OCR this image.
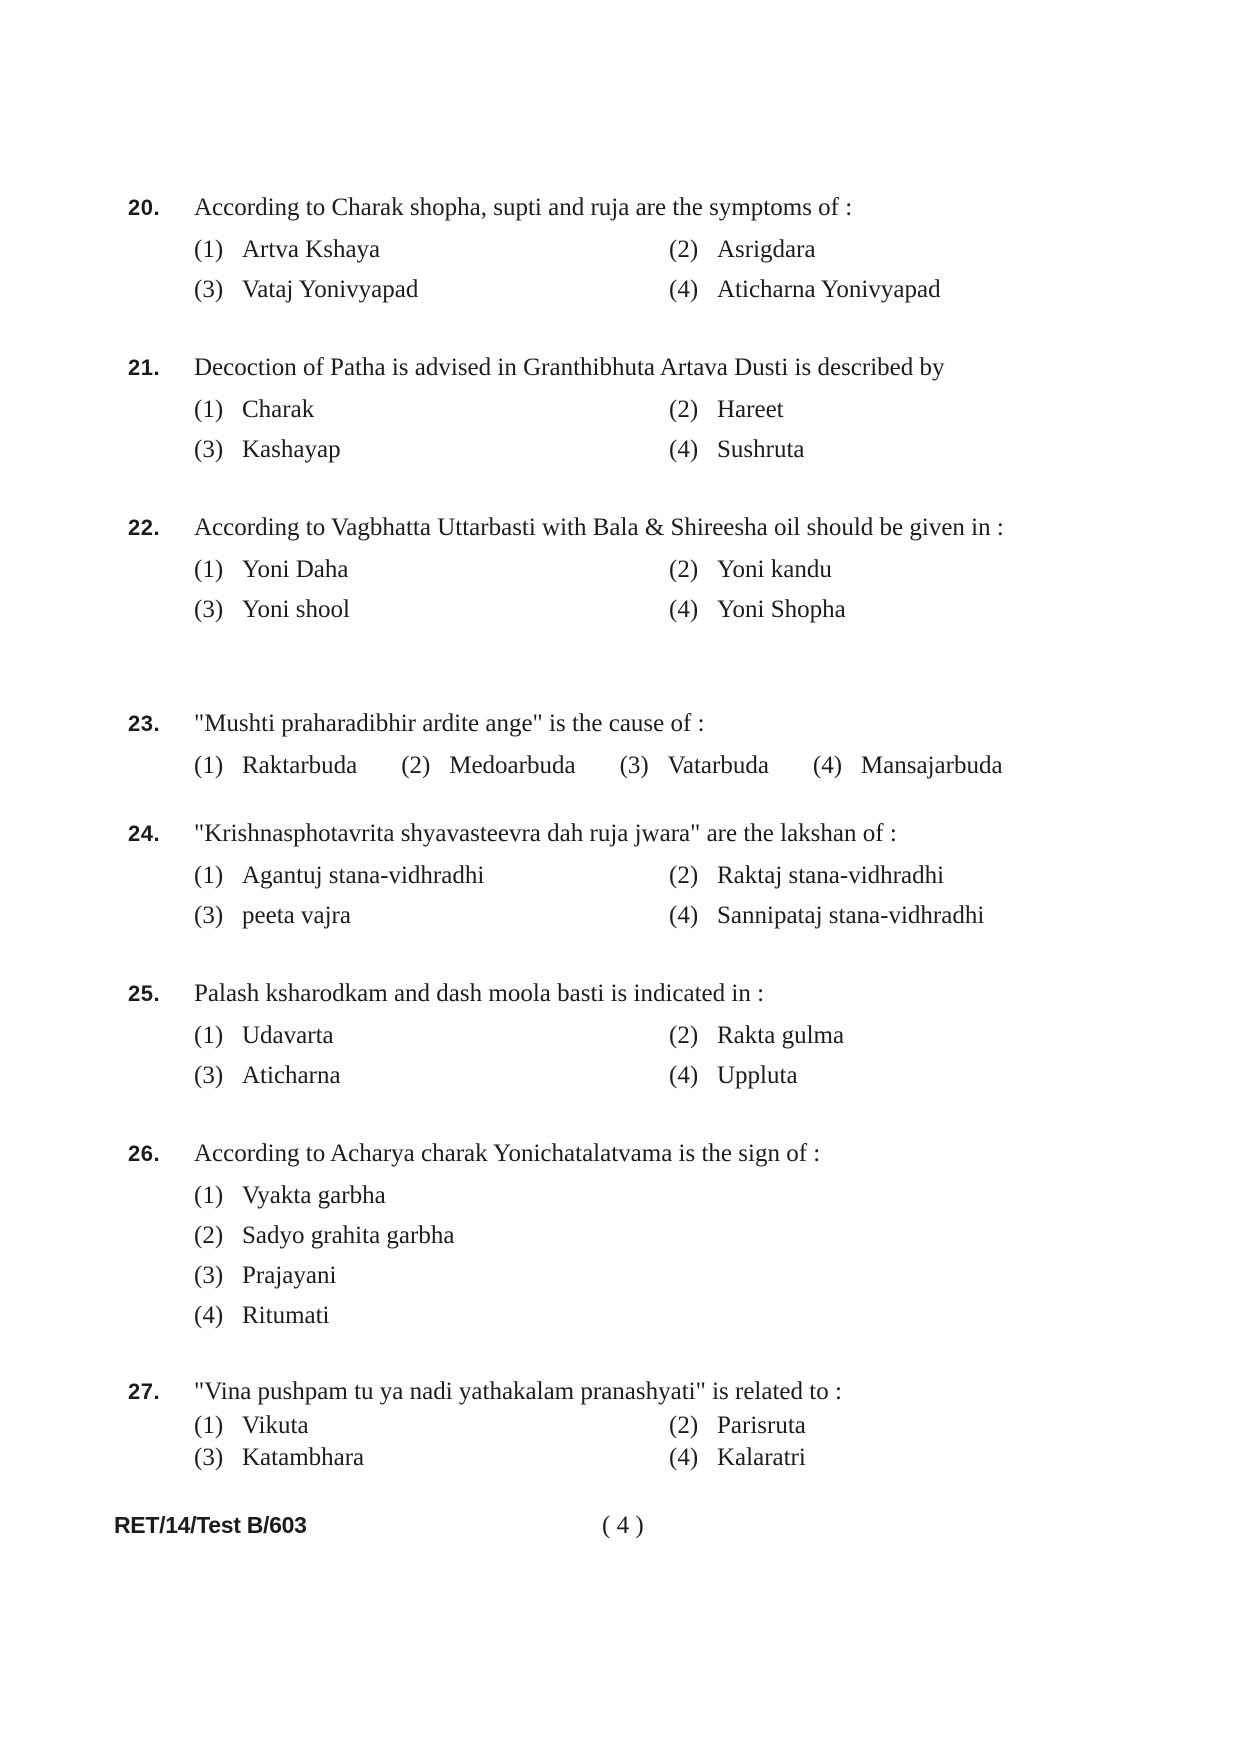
20.	According to Charak shopha, supti and ruja are the symptoms of :
(1) Artva Kshaya	(2) Asrigdara
(3) Vataj Yonivyapad	(4) Aticharna Yonivyapad
21.	Decoction of Patha is advised in Granthibhuta Artava Dusti is described by
(1) Charak	(2) Hareet
(3) Kashayap	(4) Sushruta
22.	According to Vagbhatta Uttarbasti with Bala & Shireesha oil should be given in :
(1) Yoni Daha	(2) Yoni kandu
(3) Yoni shool	(4) Yoni Shopha
23.	"Mushti praharadibhir ardite ange" is the cause of :
(1) Raktarbuda (2) Medoarbuda (3) Vatarbuda (4) Mansajarbuda
24.	"Krishnasphotavrita shyavasteevra dah ruja jwara" are the lakshan of :
(1) Agantuj stana-vidhradhi	(2) Raktaj stana-vidhradhi
(3) peeta vajra	(4) Sannipataj stana-vidhradhi
25.	Palash ksharodkam and dash moola basti is indicated in :
(1) Udavarta	(2) Rakta gulma
(3) Aticharna	(4) Uppluta
26.	According to Acharya charak Yonichatalatvama is the sign of :
(1) Vyakta garbha
(2) Sadyo grahita garbha
(3) Prajayani
(4) Ritumati
27.	"Vina pushpam tu ya nadi yathakalam pranashyati" is related to :
(1) Vikuta	(2) Parisruta
(3) Katambhara	(4) Kalaratri
RET/14/Test B/603	( 4 )
